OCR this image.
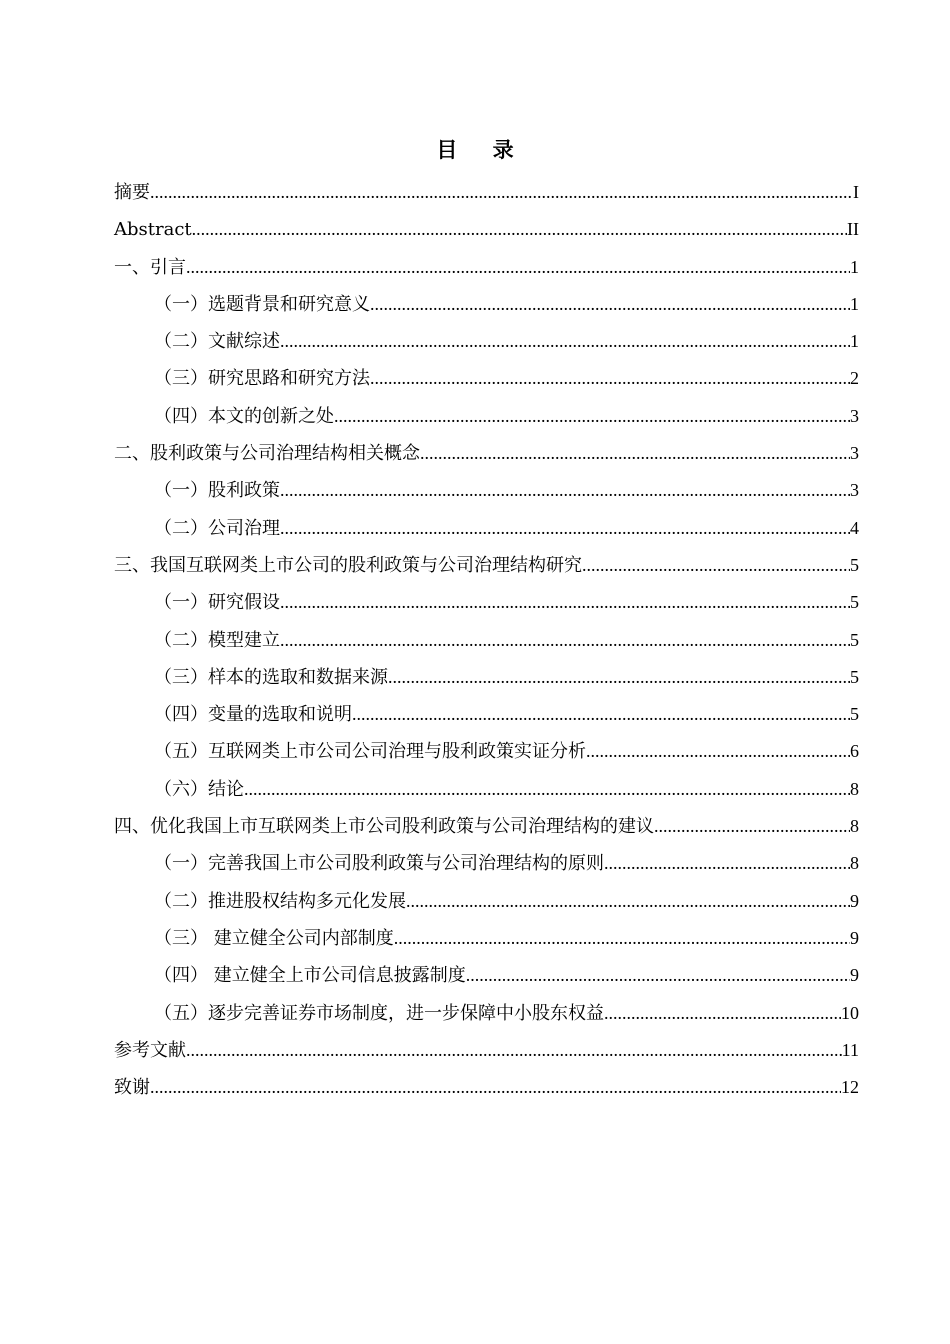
目 录
摘要 .....	I
Abstract .....	II
一、引言 .....	1
（一）选题背景和研究意义 .....	1
（二）文献综述 .....	1
（三）研究思路和研究方法 .....	2
（四）本文的创新之处 .....	3
二、股利政策与公司治理结构相关概念 .....	3
（一）股利政策 .....	3
（二）公司治理 .....	4
三、我国互联网类上市公司的股利政策与公司治理结构研究 .....	5
（一）研究假设 .....	5
（二）模型建立 .....	5
（三）样本的选取和数据来源 .....	5
（四）变量的选取和说明 .....	5
（五）互联网类上市公司公司治理与股利政策实证分析 .....	6
（六）结论 .....	8
四、优化我国上市互联网类上市公司股利政策与公司治理结构的建议 .....	8
（一）完善我国上市公司股利政策与公司治理结构的原则 .....	8
（二）推进股权结构多元化发展 .....	9
（三） 建立健全公司内部制度 .....	9
（四） 建立健全上市公司信息披露制度 .....	9
（五）逐步完善证券市场制度，进一步保障中小股东权益 .....	10
参考文献 .....	11
致谢 .....	12
